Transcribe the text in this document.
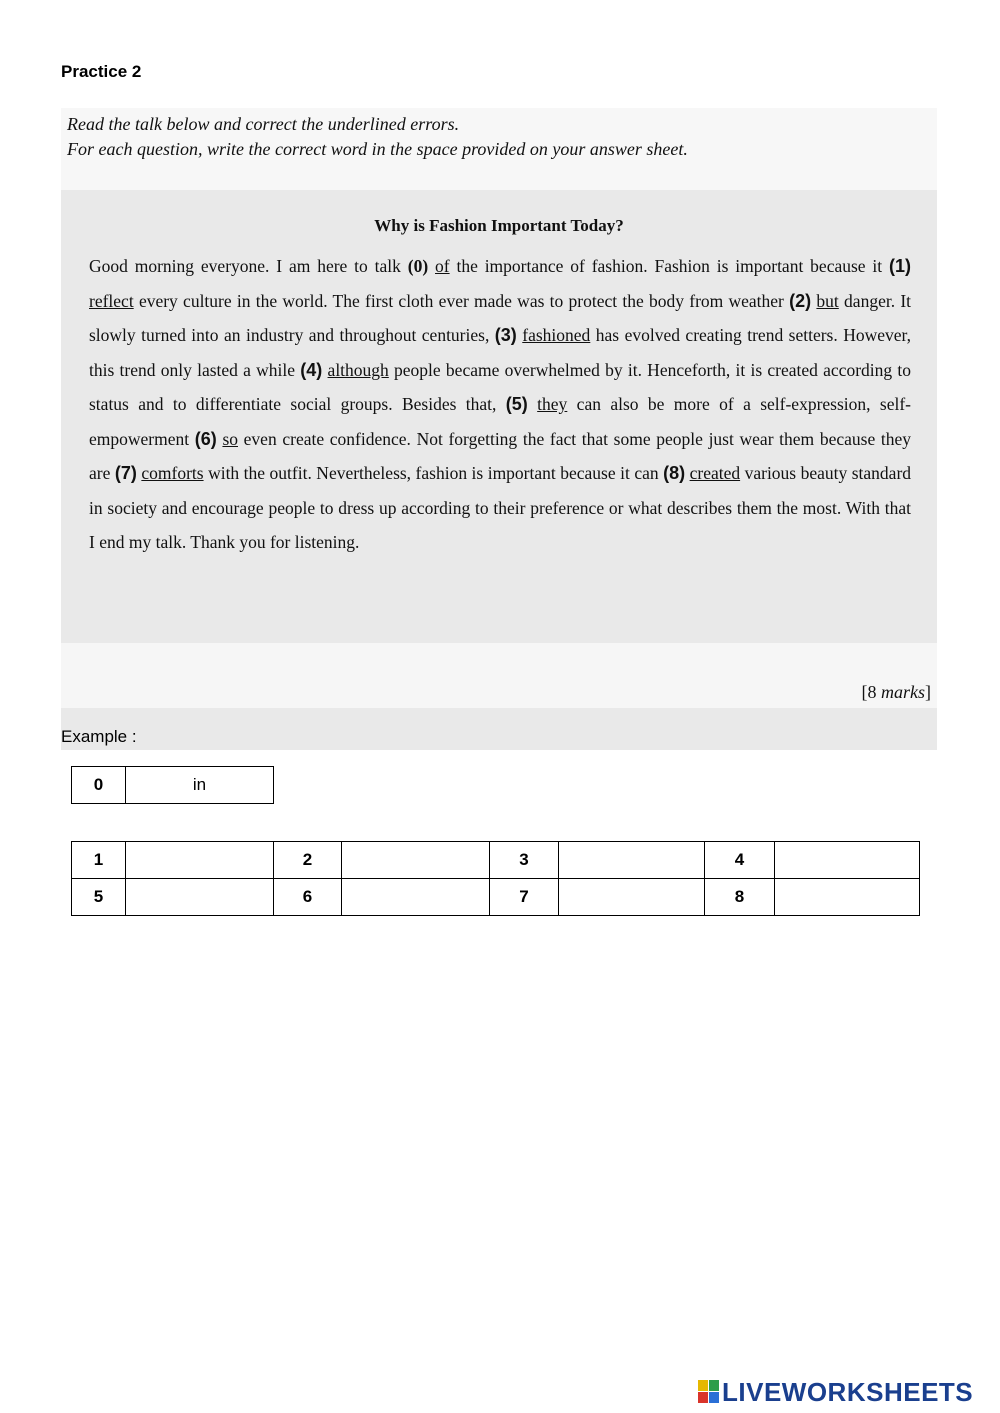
Practice 2
Read the talk below and correct the underlined errors.
For each question, write the correct word in the space provided on your answer sheet.
Why is Fashion Important Today?
Good morning everyone. I am here to talk (0) of the importance of fashion. Fashion is important because it (1) reflect every culture in the world. The first cloth ever made was to protect the body from weather (2) but danger. It slowly turned into an industry and throughout centuries, (3) fashioned has evolved creating trend setters. However, this trend only lasted a while (4) although people became overwhelmed by it. Henceforth, it is created according to status and to differentiate social groups. Besides that, (5) they can also be more of a self-expression, self-empowerment (6) so even create confidence. Not forgetting the fact that some people just wear them because they are (7) comforts with the outfit. Nevertheless, fashion is important because it can (8) created various beauty standard in society and encourage people to dress up according to their preference or what describes them the most. With that I end my talk. Thank you for listening.
[8 marks]
Example :
0	in
1		2		3		4	
5		6		7		8	
LIVEWORKSHEETS
